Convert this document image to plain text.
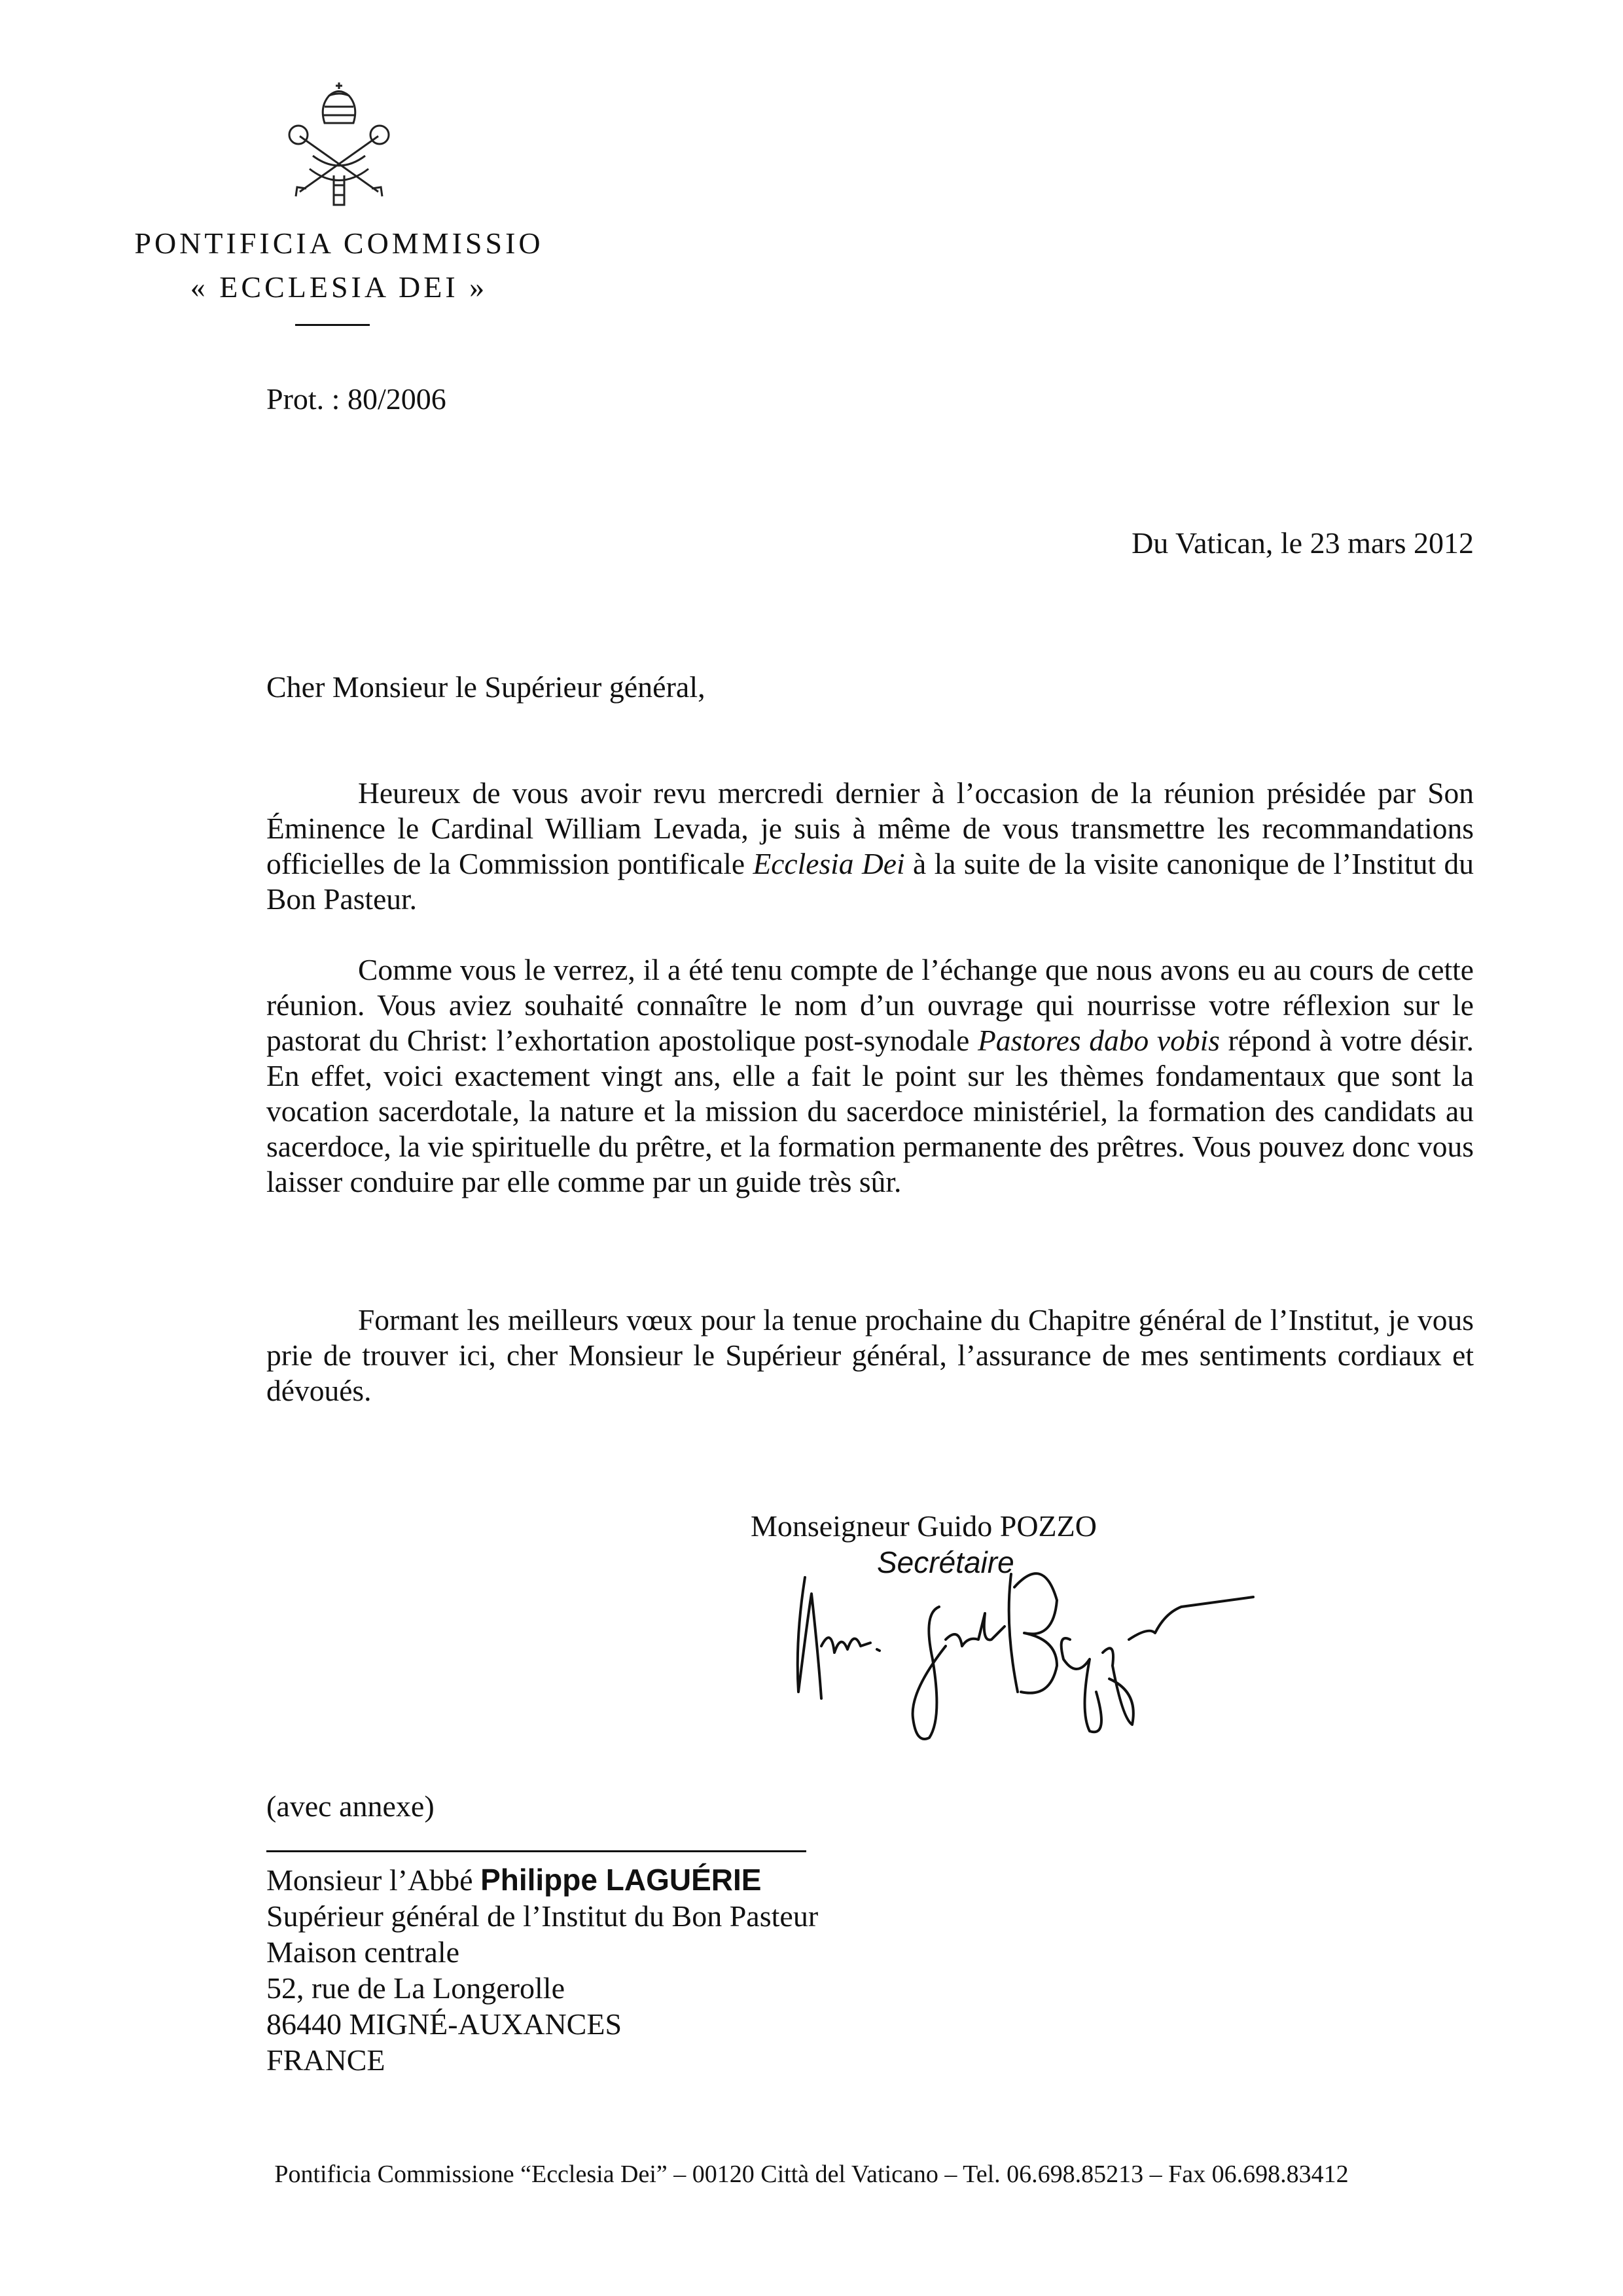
PONTIFICIA COMMISSIO
« ECCLESIA DEI »
Prot. : 80/2006
Du Vatican, le 23 mars 2012
Cher Monsieur le Supérieur général,
Heureux de vous avoir revu mercredi dernier à l’occasion de la réunion présidée par Son Éminence le Cardinal William Levada, je suis à même de vous transmettre les recommandations officielles de la Commission pontificale Ecclesia Dei à la suite de la visite canonique de l’Institut du Bon Pasteur.
Comme vous le verrez, il a été tenu compte de l’échange que nous avons eu au cours de cette réunion. Vous aviez souhaité connaître le nom d’un ouvrage qui nourrisse votre réflexion sur le pastorat du Christ: l’exhortation apostolique post-synodale Pastores dabo vobis répond à votre désir. En effet, voici exactement vingt ans, elle a fait le point sur les thèmes fondamentaux que sont la vocation sacerdotale, la nature et la mission du sacerdoce ministériel, la formation des candidats au sacerdoce, la vie spirituelle du prêtre, et la formation permanente des prêtres. Vous pouvez donc vous laisser conduire par elle comme par un guide très sûr.
Formant les meilleurs vœux pour la tenue prochaine du Chapitre général de l’Institut, je vous prie de trouver ici, cher Monsieur le Supérieur général, l’assurance de mes sentiments cordiaux et dévoués.
Monseigneur Guido POZZO
Secrétaire
(avec annexe)
Monsieur l’Abbé Philippe LAGUÉRIE
Supérieur général de l’Institut du Bon Pasteur
Maison centrale
52, rue de La Longerolle
86440 MIGNÉ-AUXANCES
FRANCE
Pontificia Commissione “Ecclesia Dei” – 00120 Città del Vaticano – Tel. 06.698.85213 – Fax 06.698.83412
